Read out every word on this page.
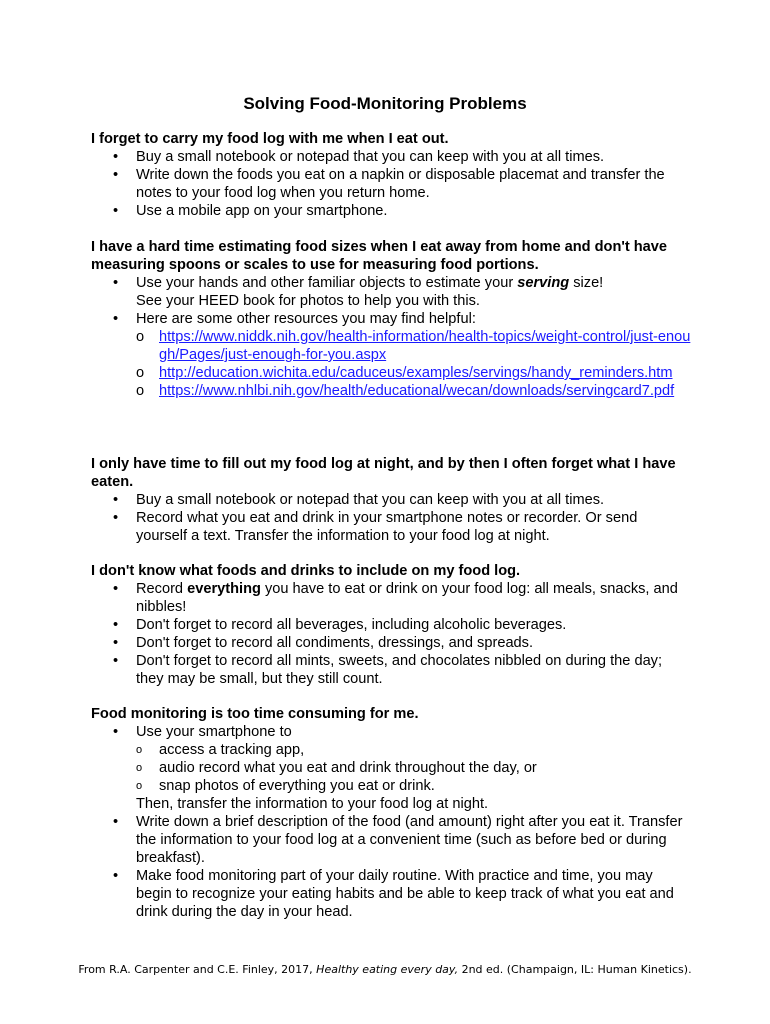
Solving Food-Monitoring Problems

I forget to carry my food log with me when I eat out.

• Buy a small notebook or notepad that you can keep with you at all times.
• Write down the foods you eat on a napkin or disposable placemat and transfer the notes to your food log when you return home.
• Use a mobile app on your smartphone.

I have a hard time estimating food sizes when I eat away from home and don't have measuring spoons or scales to use for measuring food portions.

• Use your hands and other familiar objects to estimate your serving size!
See your HEED book for photos to help you with this.
• Here are some other resources you may find helpful:
o https://www.niddk.nih.gov/health-information/health-topics/weight-control/just-enough/Pages/just-enough-for-you.aspx
o http://education.wichita.edu/caduceus/examples/servings/handy_reminders.htm
o https://www.nhlbi.nih.gov/health/educational/wecan/downloads/servingcard7.pdf

I only have time to fill out my food log at night, and by then I often forget what I have eaten.

• Buy a small notebook or notepad that you can keep with you at all times.
• Record what you eat and drink in your smartphone notes or recorder. Or send yourself a text. Transfer the information to your food log at night.

I don't know what foods and drinks to include on my food log.

• Record everything you have to eat or drink on your food log: all meals, snacks, and nibbles!
• Don't forget to record all beverages, including alcoholic beverages.
• Don't forget to record all condiments, dressings, and spreads.
• Don't forget to record all mints, sweets, and chocolates nibbled on during the day; they may be small, but they still count.

Food monitoring is too time consuming for me.

• Use your smartphone to
o access a tracking app,
o audio record what you eat and drink throughout the day, or
o snap photos of everything you eat or drink.
Then, transfer the information to your food log at night.
• Write down a brief description of the food (and amount) right after you eat it. Transfer the information to your food log at a convenient time (such as before bed or during breakfast).
• Make food monitoring part of your daily routine. With practice and time, you may begin to recognize your eating habits and be able to keep track of what you eat and drink during the day in your head.
From R.A. Carpenter and C.E. Finley, 2017, Healthy eating every day, 2nd ed. (Champaign, IL: Human Kinetics).
